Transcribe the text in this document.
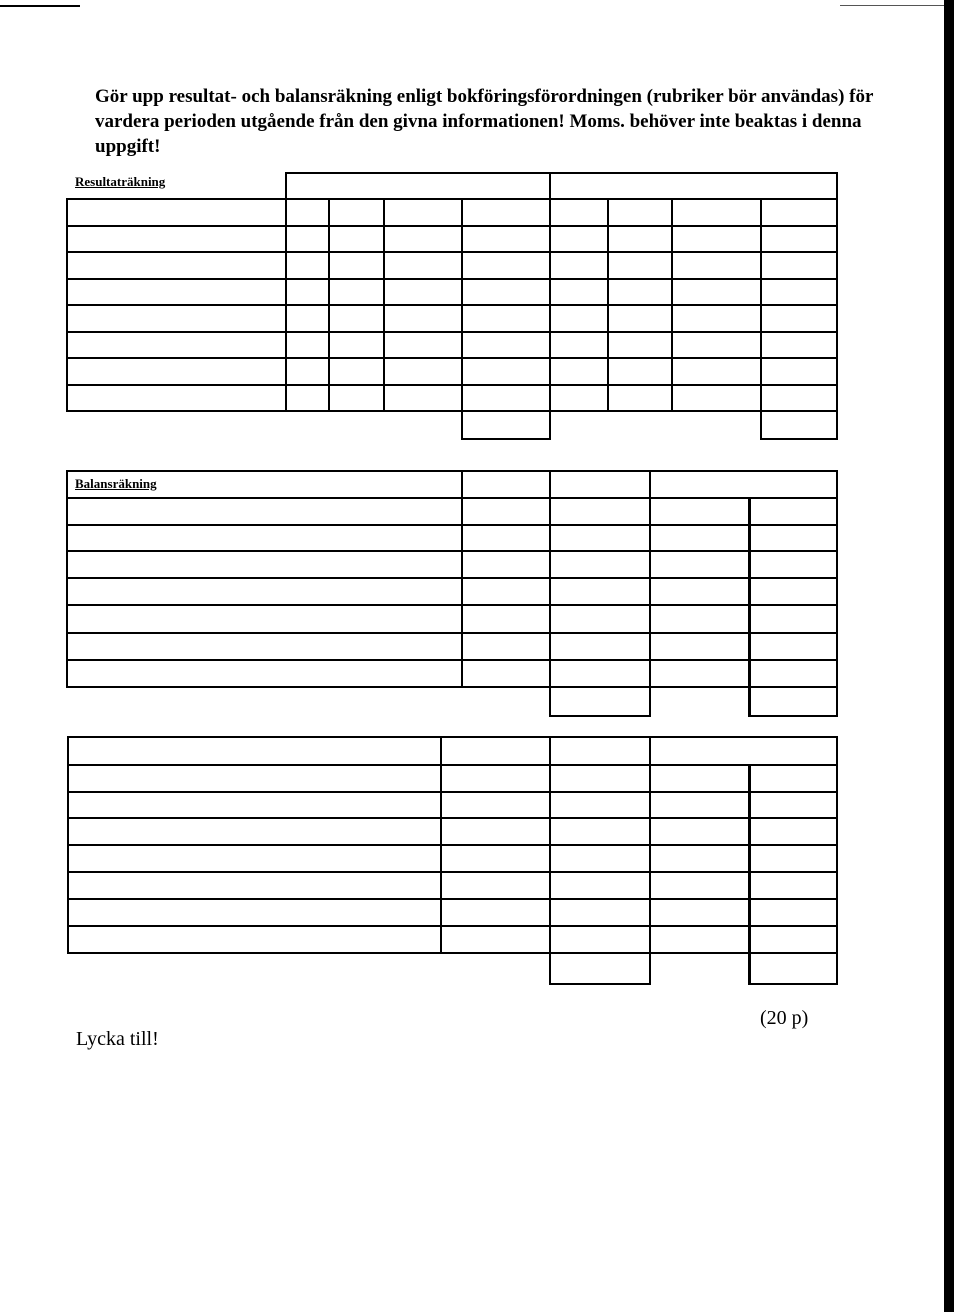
Gör upp resultat- och balansräkning enligt bokföringsförordningen (rubriker bör användas) för vardera perioden utgående från den givna informationen! Moms. behöver inte beaktas i denna uppgift!
Resultaträkning
Balansräkning
(20 p)
Lycka till!
